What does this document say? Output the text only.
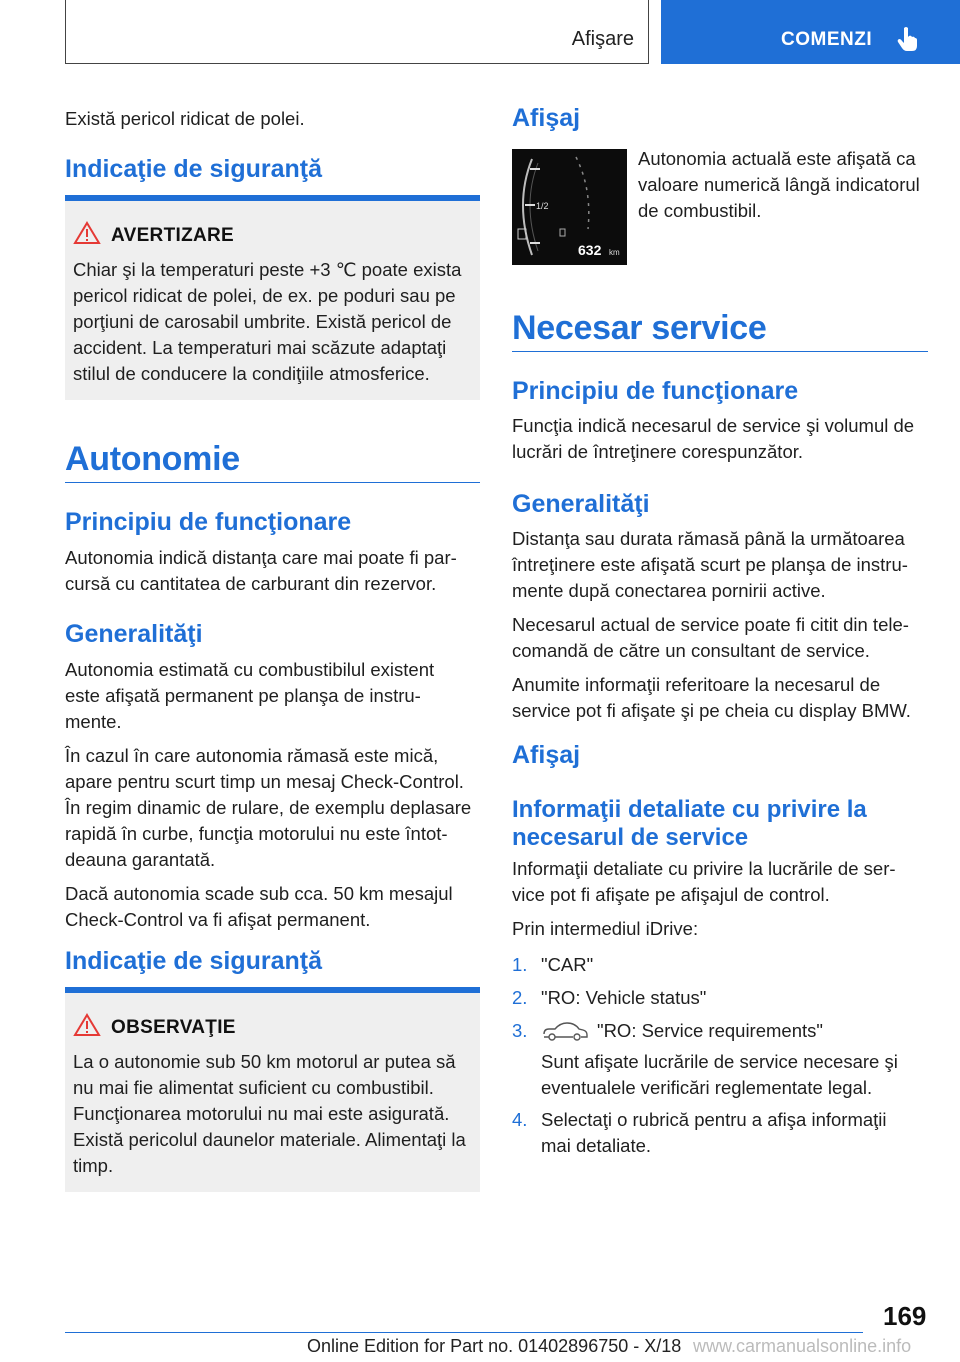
Afişare	COMENZI

Există pericol ridicat de polei.

Indicaţie de siguranţă
AVERTIZARE
Chiar şi la temperaturi peste +3 ℃ poate exista
pericol ridicat de polei, de ex. pe poduri sau pe
porţiuni de carosabil umbrite. Există pericol de
accident. La temperaturi mai scăzute adaptaţi
stilul de conducere la condiţiile atmosferice.
Autonomie
Principiu de funcţionare
Autonomia indică distanţa care mai poate fi par‐
cursă cu cantitatea de carburant din rezervor.
Generalităţi
Autonomia estimată cu combustibilul existent
este afişată permanent pe planşa de instru‐
mente.
În cazul în care autonomia rămasă este mică,
apare pentru scurt timp un mesaj Check-Control.
În regim dinamic de rulare, de exemplu deplasare
rapidă în curbe, funcţia motorului nu este întot‐
deauna garantată.
Dacă autonomia scade sub cca. 50 km mesajul
Check-Control va fi afişat permanent.
Indicaţie de siguranţă
OBSERVAŢIE
La o autonomie sub 50 km motorul ar putea să
nu mai fie alimentat suficient cu combustibil.
Funcţionarea motorului nu mai este asigurată.
Există pericolul daunelor materiale. Alimentaţi la
timp.
Afişaj
1/2
632 km
Autonomia actuală este afişată ca
valoare numerică lângă indicatorul
de combustibil.
Necesar service
Principiu de funcţionare
Funcţia indică necesarul de service şi volumul de
lucrări de întreţinere corespunzător.
Generalităţi
Distanţa sau durata rămasă până la următoarea
întreţinere este afişată scurt pe planşa de instru‐
mente după conectarea pornirii active.
Necesarul actual de service poate fi citit din tele‐
comandă de către un consultant de service.
Anumite informaţii referitoare la necesarul de
service pot fi afişate şi pe cheia cu display BMW.
Afişaj
Informaţii detaliate cu privire la
necesarul de service
Informaţii detaliate cu privire la lucrările de ser‐
vice pot fi afişate pe afişajul de control.
Prin intermediul iDrive:
1. "CAR"
2. "RO: Vehicle status"
3.	"RO: Service requirements"
Sunt afişate lucrările de service necesare şi
eventualele verificări reglementate legal.
4. Selectaţi o rubrică pentru a afişa informaţii
mai detaliate.
169
Online Edition for Part no. 01402896750 - X/18 www.carmanualsonline.info
